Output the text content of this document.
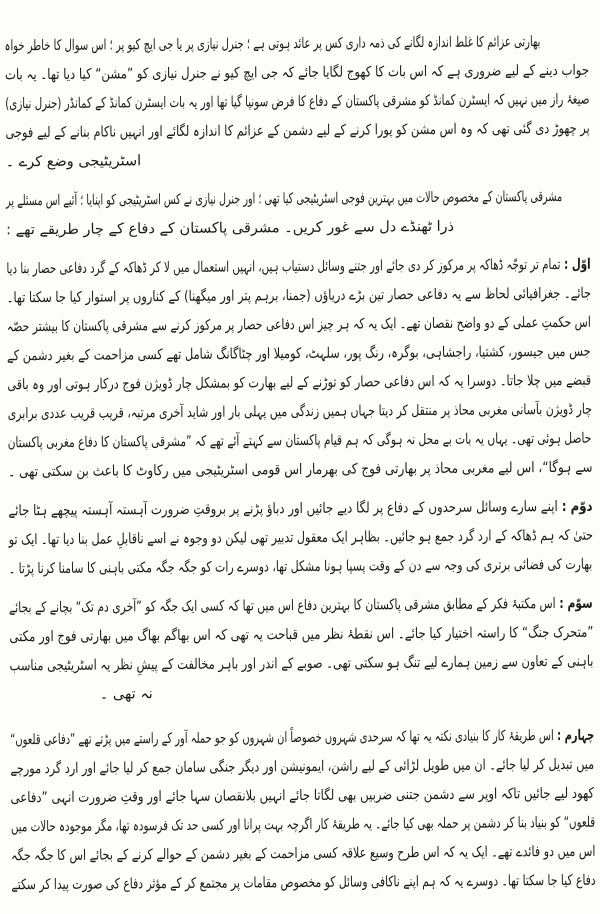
بھارتی عزائم کا غلط اندازہ لگانے کی ذمہ داری کس پر عائد ہوتی ہے ؛ جنرل نیازی پر یا جی ایچ کیو پر ؛ اس سوال کا خاطر خواہ
جواب دینے کے لیے ضروری ہے کہ اس بات کا کھوج لگایا جائے کہ جی ایچ کیو نے جنرل نیازی کو ”مشن“ کیا دیا تھا۔ یہ بات
صیغۂ راز میں نہیں کہ ایسٹرن کمانڈ کو مشرقی پاکستان کے دفاع کا فرض سونپا گیا تھا اور یہ بات ایسٹرن کمانڈ کے کمانڈر (جنرل نیازی)
پر چھوڑ دی گئی تھی کہ وہ اس مشن کو پورا کرنے کے لیے دشمن کے عزائم کا اندازہ لگائے اور انہیں ناکام بنانے کے لیے فوجی
اسٹریٹیجی وضع کرے ۔
مشرقی پاکستان کے مخصوص حالات میں بہترین فوجی اسٹریٹیجی کیا تھی ؛ اور جنرل نیازی نے کس اسٹریٹیجی کو اپنایا ؛ آئیے اس مسئلے پر
ذرا ٹھنڈے دل سے غور کریں۔ مشرقی پاکستان کے دفاع کے چار طریقے تھے :
اوّل : تمام تر توجّہ ڈھاکہ پر مرکوز کر دی جائے اور جتنے وسائل دستیاب ہیں، انہیں استعمال میں لا کر ڈھاکہ کے گرد دفاعی حصار بنا دیا
جائے۔ جغرافیائی لحاظ سے یہ دفاعی حصار تین بڑے دریاؤں (جمنا، برہم پتر اور میگھنا) کے کناروں پر استوار کیا جا سکتا تھا۔
اس حکمتِ عملی کے دو واضح نقصان تھے۔ ایک یہ کہ ہر چیز اس دفاعی حصار پر مرکوز کرنے سے مشرقی پاکستان کا بیشتر حصّہ
جس میں جیسور، کشتیا، راجشاہی، بوگرہ، رنگ پور، سلہٹ، کومیلا اور چٹاگانگ شامل تھے کسی مزاحمت کے بغیر دشمن کے
قبضے میں چلا جاتا۔ دوسرا یہ کہ اس دفاعی حصار کو توڑنے کے لیے بھارت کو بمشکل چار ڈویژن فوج درکار ہوتی اور وہ باقی
چار ڈویژن بآسانی مغربی محاذ پر منتقل کر دیتا جہاں ہمیں زندگی میں پہلی بار اور شاید آخری مرتبہ، قریب قریب عددی برابری
حاصل ہوئی تھی۔ یہاں یہ بات بے محل نہ ہوگی کہ ہم قیام پاکستان سے کہتے آئے تھے کہ ”مشرقی پاکستان کا دفاع مغربی پاکستان
سے ہوگا“، اس لیے مغربی محاذ پر بھارتی فوج کی بھرمار اس قومی اسٹریٹیجی میں رکاوٹ کا باعث بن سکتی تھی ۔
دوّم : اپنے سارے وسائل سرحدوں کے دفاع پر لگا دیے جائیں اور دباؤ پڑنے پر بروقتِ ضرورت آہستہ آہستہ پیچھے ہٹا جائے
حتیٰ کہ ہم ڈھاکہ کے ارد گرد جمع ہو جائیں۔ بظاہر ایک معقول تدبیر تھی لیکن دو وجوہ نے اسے ناقابلِ عمل بنا دیا تھا۔ ایک تو
بھارت کی فضائی برتری کی وجہ سے دن کے وقت پسپا ہونا مشکل تھا، دوسرے رات کو جگہ جگہ مکتی باہنی کا سامنا کرنا پڑتا ۔
سوّم : اس مکتبۂ فکر کے مطابق مشرقی پاکستان کا بہترین دفاع اس میں تھا کہ کسی ایک جگہ کو ”آخری دم تک“ بچانے کے بجائے
”متحرک جنگ“ کا راستہ اختیار کیا جائے۔ اس نقطۂ نظر میں قباحت یہ تھی کہ اس بھاگم بھاگ میں بھارتی فوج اور مکتی
باہنی کے تعاون سے زمین ہمارے لیے تنگ ہو سکتی تھی۔ صوبے کے اندر اور باہر مخالفت کے پیشِ نظر یہ اسٹریٹیجی مناسب
نہ تھی ۔
چہارم : اس طریقۂ کار کا بنیادی نکتہ یہ تھا کہ سرحدی شہروں خصوصاً ان شہروں کو جو حملہ آور کے راستے میں پڑتے تھے ”دفاعی قلعوں“
میں تبدیل کر لیا جائے۔ ان میں طویل لڑائی کے لیے راشن، ایمونیشن اور دیگر جنگی سامان جمع کر لیا جائے اور ارد گرد مورچے
کھود لیے جائیں تاکہ اوپر سے دشمن جتنی ضربیں بھی لگاتا جائے انہیں بلانقصان سہا جائے اور وقتِ ضرورت انہی ”دفاعی
قلعوں“ کو بنیاد بنا کر دشمن پر حملہ بھی کیا جائے۔ یہ طریقۂ کار اگرچہ بہت پرانا اور کسی حد تک فرسودہ تھا، مگر موجودہ حالات میں
اس میں دو فائدے تھے۔ ایک یہ کہ اس طرح وسیع علاقہ کسی مزاحمت کے بغیر دشمن کے حوالے کرنے کے بجائے اس کا جگہ جگہ
دفاع کیا جا سکتا تھا۔ دوسرے یہ کہ ہم اپنے ناکافی وسائل کو مخصوص مقامات پر مجتمع کر کے مؤثر دفاع کی صورت پیدا کر سکتے
